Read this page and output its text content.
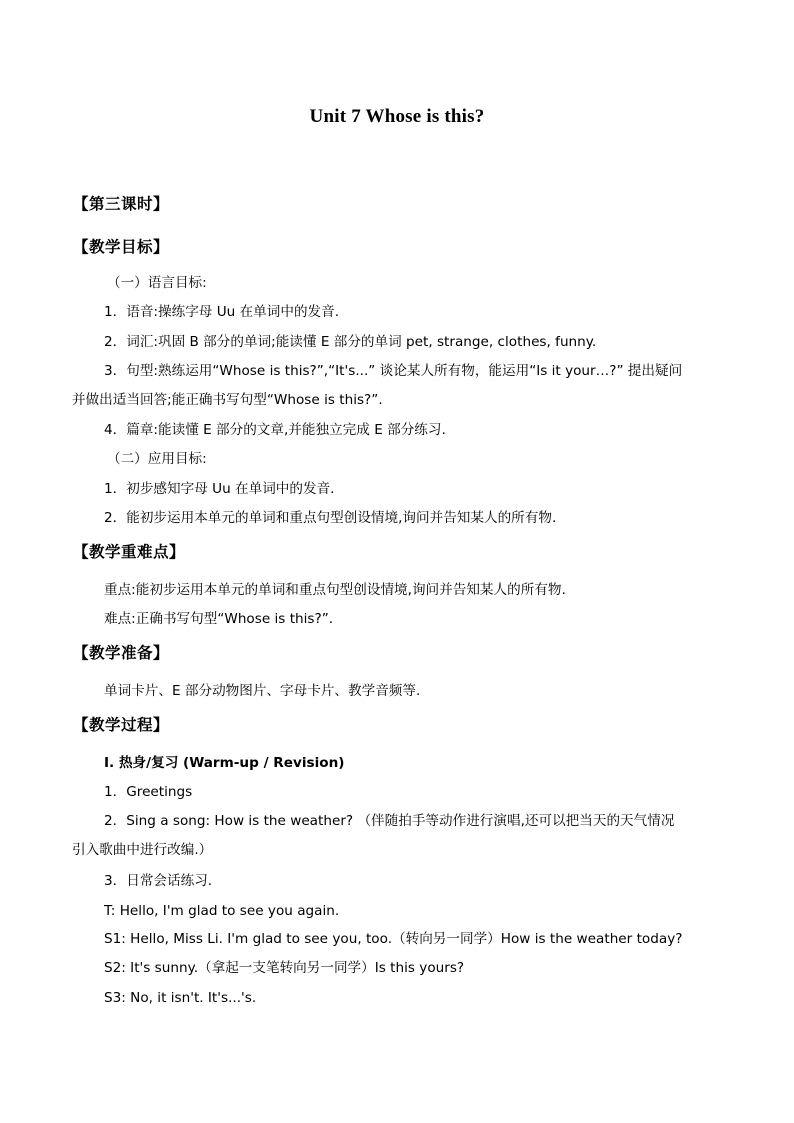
Unit 7 Whose is this?
【第三课时】
【教学目标】
（一）语言目标:
1．语音:操练字母 Uu 在单词中的发音.
2．词汇:巩固 B 部分的单词;能读懂 E 部分的单词 pet, strange, clothes, funny.
3．句型:熟练运用“Whose is this?”,“It's...” 谈论某人所有物，能运用“Is it your…?” 提出疑问
并做出适当回答;能正确书写句型“Whose is this?”.
4．篇章:能读懂 E 部分的文章,并能独立完成 E 部分练习.
（二）应用目标:
1．初步感知字母 Uu 在单词中的发音.
2．能初步运用本单元的单词和重点句型创设情境,询问并告知某人的所有物.
【教学重难点】
重点:能初步运用本单元的单词和重点句型创设情境,询问并告知某人的所有物.
难点:正确书写句型“Whose is this?”.
【教学准备】
单词卡片、E 部分动物图片、字母卡片、教学音频等.
【教学过程】
I. 热身/复习 (Warm-up / Revision)
1．Greetings
2．Sing a song: How is the weather? （伴随拍手等动作进行演唱,还可以把当天的天气情况
引入歌曲中进行改编.）
3．日常会话练习.
T: Hello, I'm glad to see you again.
S1: Hello, Miss Li. I'm glad to see you, too.（转向另一同学）How is the weather today?
S2: It's sunny.（拿起一支笔转向另一同学）Is this yours?
S3: No, it isn't. It's...'s.
